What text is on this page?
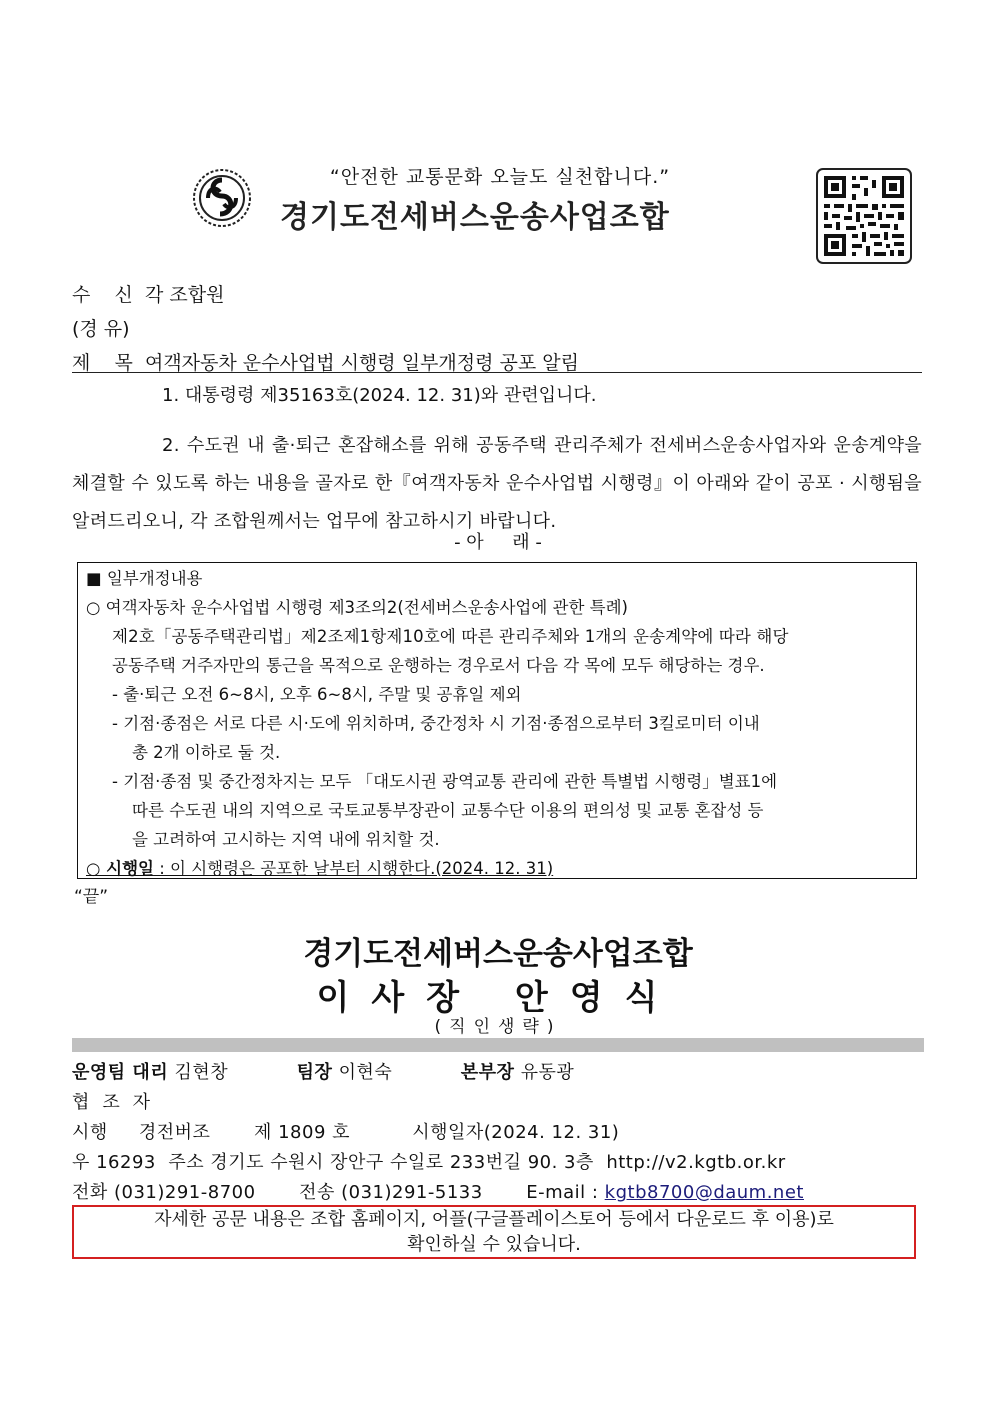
“안전한 교통문화 오늘도 실천합니다.”
경기도전세버스운송사업조합
수    신 각 조합원
(경 유)
제    목 여객자동차 운수사업법 시행령 일부개정령 공포 알림
1. 대통령령 제35163호(2024. 12. 31)와 관련입니다.
2. 수도권 내 출·퇴근 혼잡해소를 위해 공동주택 관리주체가 전세버스운송사업자와 운송계약을 체결할 수 있도록 하는 내용을 골자로 한『여객자동차 운수사업법 시행령』이 아래와 같이 공포 · 시행됨을 알려드리오니, 각 조합원께서는 업무에 참고하시기 바랍니다.
- 아     래 -
■ 일부개정내용
○ 여객자동차 운수사업법 시행령 제3조의2(전세버스운송사업에 관한 특례)
제2호「공동주택관리법」제2조제1항제10호에 따른 관리주체와 1개의 운송계약에 따라 해당
공동주택 거주자만의 통근을 목적으로 운행하는 경우로서 다음 각 목에 모두 해당하는 경우.
- 출·퇴근 오전 6~8시, 오후 6~8시, 주말 및 공휴일 제외
- 기점·종점은 서로 다른 시·도에 위치하며, 중간정차 시 기점·종점으로부터 3킬로미터 이내
총 2개 이하로 둘 것.
- 기점·종점 및 중간정차지는 모두 「대도시권 광역교통 관리에 관한 특별법 시행령」별표1에
따른 수도권 내의 지역으로 국토교통부장관이 교통수단 이용의 편의성 및 교통 혼잡성 등
을 고려하여 고시하는 지역 내에 위치할 것.
○ 시행일 : 이 시행령은 공포한 날부터 시행한다.(2024. 12. 31)
“끝”
경기도전세버스운송사업조합
이사장 안영식
(직인생략)
운영팀 대리 김현창	팀장 이현숙	본부장 유동광
협  조  자
시행     경전버조       제 1809 호          시행일자(2024. 12. 31)
우 16293  주소 경기도 수원시 장안구 수일로 233번길 90. 3층  http://v2.kgtb.or.kr
전화 (031)291-8700       전송 (031)291-5133       E-mail : kgtb8700@daum.net
자세한 공문 내용은 조합 홈페이지, 어플(구글플레이스토어 등에서 다운로드 후 이용)로
확인하실 수 있습니다.
